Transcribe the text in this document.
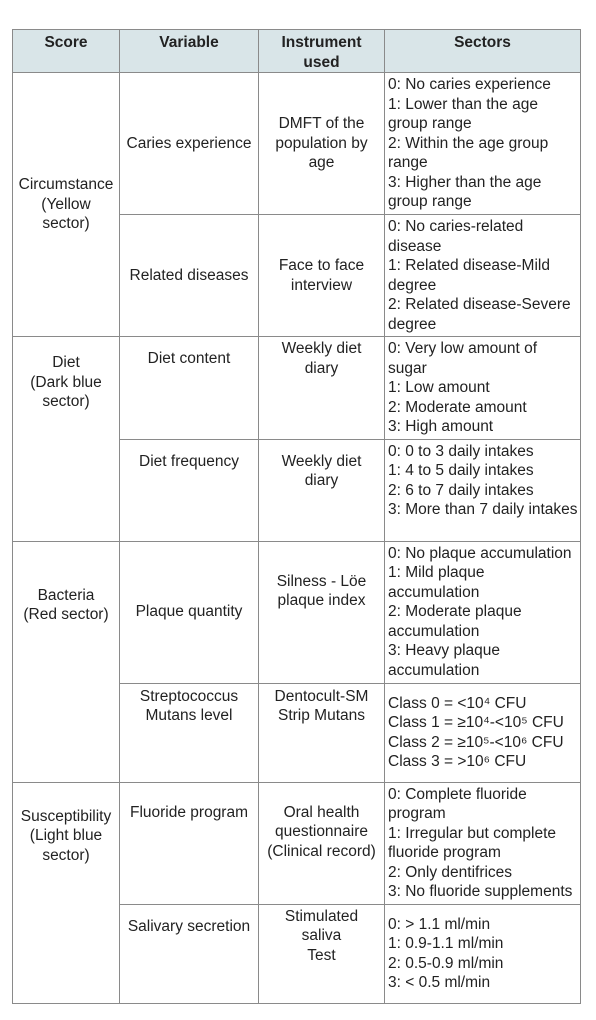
Score	Variable	Instrument used	Sectors

Circumstance
(Yellow
sector)	Caries experience	DMFT of the
population by
age	0: No caries experience
1: Lower than the age group range
2: Within the age group range
3: Higher than the age group range

	Related diseases	Face to face
interview	0: No caries-related disease
1: Related disease-Mild degree
2: Related disease-Severe degree

Diet
(Dark blue
sector)	Diet content	Weekly diet
diary	0: Very low amount of sugar
1: Low amount
2: Moderate amount
3: High amount

	Diet frequency	Weekly diet
diary	0: 0 to 3 daily intakes
1: 4 to 5 daily intakes
2: 6 to 7 daily intakes
3: More than 7 daily intakes

Bacteria
(Red sector)	Plaque quantity	Silness - Löe
plaque index	0: No plaque accumulation
1: Mild plaque accumulation
2: Moderate plaque accumulation
3: Heavy plaque accumulation

	Streptococcus
Mutans level	Dentocult-SM
Strip Mutans	Class 0 = <10⁴ CFU
Class 1 = ≥10⁴-<10⁵ CFU
Class 2 = ≥10⁵-<10⁶ CFU
Class 3 = >10⁶ CFU

Susceptibility
(Light blue
sector)	Fluoride program	Oral health
questionnaire
(Clinical record)	0: Complete fluoride program
1: Irregular but complete fluoride program
2: Only dentifrices
3: No fluoride supplements

	Salivary secretion	Stimulated
saliva
Test	0: > 1.1 ml/min
1: 0.9-1.1 ml/min
2: 0.5-0.9 ml/min
3: < 0.5 ml/min
